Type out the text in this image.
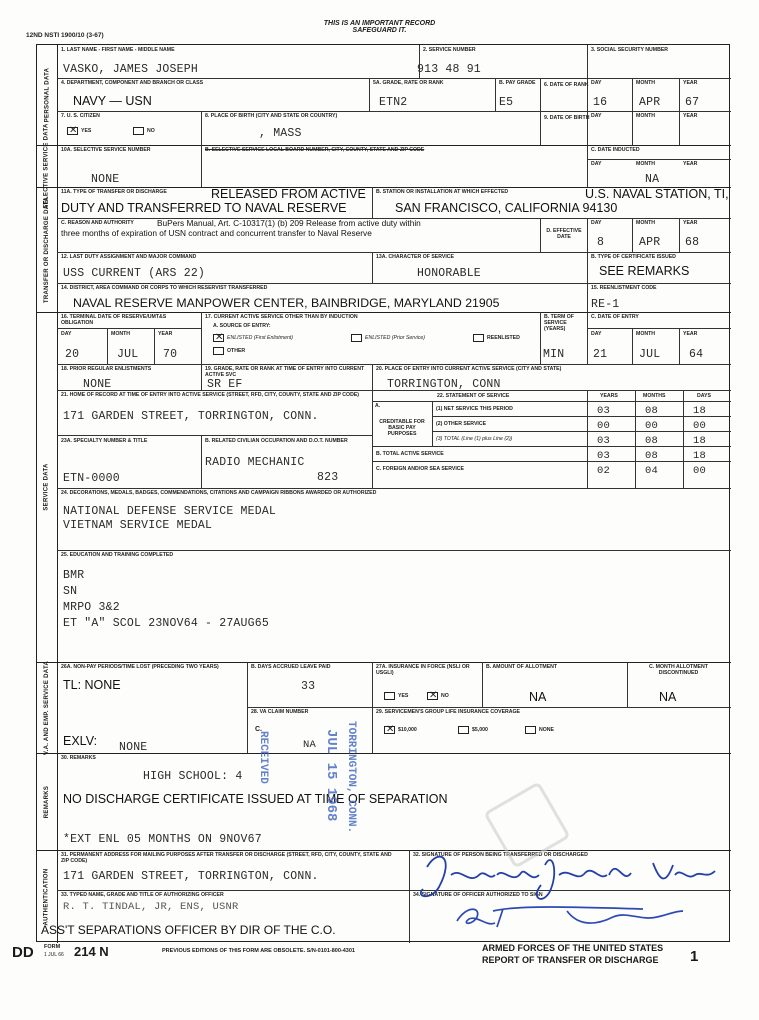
THIS IS AN IMPORTANT RECORD
SAFEGUARD IT.
12ND NSTI 1900/10 (3-67)
PERSONAL DATA
SELECTIVE SERVICE DATA
TRANSFER OR DISCHARGE DATA
SERVICE DATA
V.A. AND EMP. SERVICE DATA
REMARKS
AUTHENTICATION
1. LAST NAME - FIRST NAME - MIDDLE NAME	2. SERVICE NUMBER	3. SOCIAL SECURITY NUMBER
VASKO, JAMES JOSEPH	913 48 91
4. DEPARTMENT, COMPONENT AND BRANCH OR CLASS	5A. GRADE, RATE OR RANK	B. PAY GRADE 6. DATE OF RANK DAY	MONTH	YEAR
NAVY — USN	ETN2	E5	16	APR 67
7. U. S. CITIZEN	8. PLACE OF BIRTH (CITY AND STATE OR COUNTRY)	9. DATE OF BIRTH DAY	MONTH	YEAR
✕
YES	NO	, MASS
10A. SELECTIVE SERVICE NUMBER	B. SELECTIVE SERVICE LOCAL BOARD NUMBER, CITY, COUNTY, STATE AND ZIP CODE	C. DATE INDUCTED
DAY	MONTH	YEAR
NONE	NA
11A. TYPE OF TRANSFER OR DISCHARGE	B. STATION OR INSTALLATION AT WHICH EFFECTED
RELEASED FROM ACTIVE DUTY AND TRANSFERRED TO NAVAL RESERVE
U.S. NAVAL STATION, TI, SAN FRANCISCO, CALIFORNIA 94130
C. REASON AND AUTHORITY	BuPers Manual, Art. C-10317(1) (b) 209 Release from active duty within three months of expiration of USN contract and concurrent transfer to Naval Reserve	D. EFFECTIVE DATE
DAY	MONTH	YEAR
8	APR 68
12. LAST DUTY ASSIGNMENT AND MAJOR COMMAND	13A. CHARACTER OF SERVICE	B. TYPE OF CERTIFICATE ISSUED
USS CURRENT (ARS 22)	HONORABLE	SEE REMARKS
14. DISTRICT, AREA COMMAND OR CORPS TO WHICH RESERVIST TRANSFERRED	15. REENLISTMENT CODE
NAVAL RESERVE MANPOWER CENTER, BAINBRIDGE, MARYLAND 21905	RE-1
16. TERMINAL DATE OF RESERVE/UMT&S OBLIGATION
DAY	MONTH	YEAR
20	JUL 70
17. CURRENT ACTIVE SERVICE OTHER THAN BY INDUCTION
A. SOURCE OF ENTRY:
✕
ENLISTED (First Enlistment)	ENLISTED (Prior Service)	REENLISTED
OTHER
B. TERM OF SERVICE (YEARS)
MIN
C. DATE OF ENTRY
DAY	MONTH	YEAR
21	JUL 64
18. PRIOR REGULAR ENLISTMENTS	19. GRADE, RATE OR RANK AT TIME OF ENTRY INTO CURRENT ACTIVE SVC
20. PLACE OF ENTRY INTO CURRENT ACTIVE SERVICE (CITY AND STATE)
NONE	SR EF	TORRINGTON, CONN
21. HOME OF RECORD AT TIME OF ENTRY INTO ACTIVE SERVICE (STREET, RFD, CITY, COUNTY, STATE AND ZIP CODE)
171 GARDEN STREET, TORRINGTON, CONN.
23A. SPECIALTY NUMBER & TITLE	B. RELATED CIVILIAN OCCUPATION AND D.O.T. NUMBER
RADIO MECHANIC
823
ETN-0000
22. STATEMENT OF SERVICE	YEARS	MONTHS	DAYS
A.
CREDITABLE FOR BASIC PAY PURPOSES
(1) NET SERVICE THIS PERIOD
(2) OTHER SERVICE
(3) TOTAL (Line (1) plus Line (2))
B. TOTAL ACTIVE SERVICE
C. FOREIGN AND/OR SEA SERVICE
03	08	18
00	00	00
03	08	18
03	08	18
02	04	00
24. DECORATIONS, MEDALS, BADGES, COMMENDATIONS, CITATIONS AND CAMPAIGN RIBBONS AWARDED OR AUTHORIZED
NATIONAL DEFENSE SERVICE MEDAL
VIETNAM SERVICE MEDAL
25. EDUCATION AND TRAINING COMPLETED
BMR
SN
MRPO 3&2
ET "A" SCOL 23NOV64 - 27AUG65
26A. NON-PAY PERIODS/TIME LOST (PRECEDING TWO YEARS)
TL: NONE
B. DAYS ACCRUED LEAVE PAID
33
27A. INSURANCE IN FORCE (NSLI OR USGLI)
YES
✕	NO
B. AMOUNT OF ALLOTMENT
NA
C. MONTH ALLOTMENT DISCONTINUED
NA
EXLV: NONE
28. VA CLAIM NUMBER
C.
NA
29. SERVICEMEN'S GROUP LIFE INSURANCE COVERAGE
✕
$10,000	$5,000	NONE
30. REMARKS
HIGH SCHOOL: 4
NO DISCHARGE CERTIFICATE ISSUED AT TIME OF SEPARATION
*EXT ENL 05 MONTHS ON 9NOV67
31. PERMANENT ADDRESS FOR MAILING PURPOSES AFTER TRANSFER OR DISCHARGE (STREET, RFD, CITY, COUNTY, STATE AND ZIP CODE)
171 GARDEN STREET, TORRINGTON, CONN.
32. SIGNATURE OF PERSON BEING TRANSFERRED OR DISCHARGED
33. TYPED NAME, GRADE AND TITLE OF AUTHORIZING OFFICER
R. T. TINDAL, JR, ENS, USNR
34. SIGNATURE OF OFFICER AUTHORIZED TO SIGN
ASS'T SEPARATIONS OFFICER BY DIR OF THE C.O.
TORRINGTON, CONN.
JUL 15 1968
RECEIVED
DD FORM
1 JUL 66 214 N	PREVIOUS EDITIONS OF THIS FORM ARE OBSOLETE. S/N-0101-800-4301	ARMED FORCES OF THE UNITED STATES
REPORT OF TRANSFER OR DISCHARGE 1
